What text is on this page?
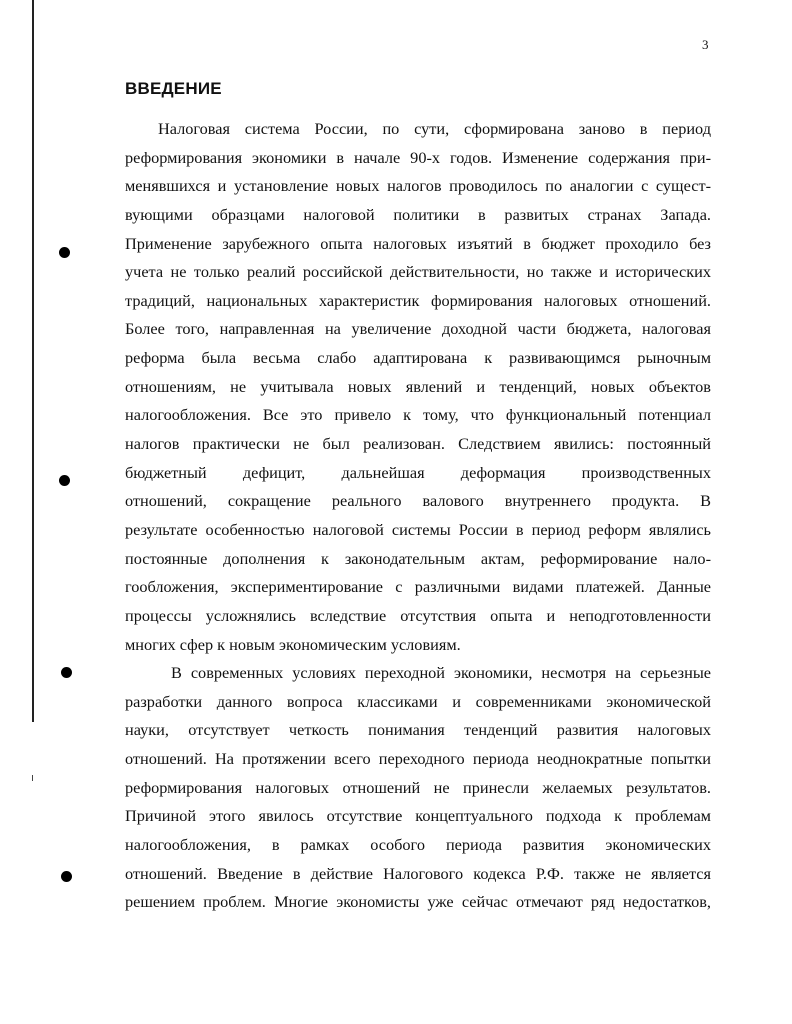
3
ВВЕДЕНИЕ
Налоговая система России, по сути, сформирована заново в период
реформирования экономики в начале 90-х годов. Изменение содержания при-
менявшихся и установление новых налогов проводилось по аналогии с сущест-
вующими образцами налоговой политики в развитых странах Запада.
Применение зарубежного опыта налоговых изъятий в бюджет проходило без
учета не только реалий российской действительности, но также и исторических
традиций, национальных характеристик формирования налоговых отношений.
Более того, направленная на увеличение доходной части бюджета, налоговая
реформа была весьма слабо адаптирована к развивающимся рыночным
отношениям, не учитывала новых явлений и тенденций, новых объектов
налогообложения. Все это привело к тому, что функциональный потенциал
налогов практически не был реализован. Следствием явились: постоянный
бюджетный дефицит, дальнейшая деформация производственных
отношений, сокращение реального валового внутреннего продукта. В
результате особенностью налоговой системы России в период реформ являлись
постоянные дополнения к законодательным актам, реформирование нало-
гообложения, экспериментирование с различными видами платежей. Данные
процессы усложнялись вследствие отсутствия опыта и неподготовленности
многих сфер к новым экономическим условиям.
В современных условиях переходной экономики, несмотря на серьезные
разработки данного вопроса классиками и современниками экономической
науки, отсутствует четкость понимания тенденций развития налоговых
отношений. На протяжении всего переходного периода неоднократные попытки
реформирования налоговых отношений не принесли желаемых результатов.
Причиной этого явилось отсутствие концептуального подхода к проблемам
налогообложения, в рамках особого периода развития экономических
отношений. Введение в действие Налогового кодекса Р.Ф. также не является
решением проблем. Многие экономисты уже сейчас отмечают ряд недостатков,
